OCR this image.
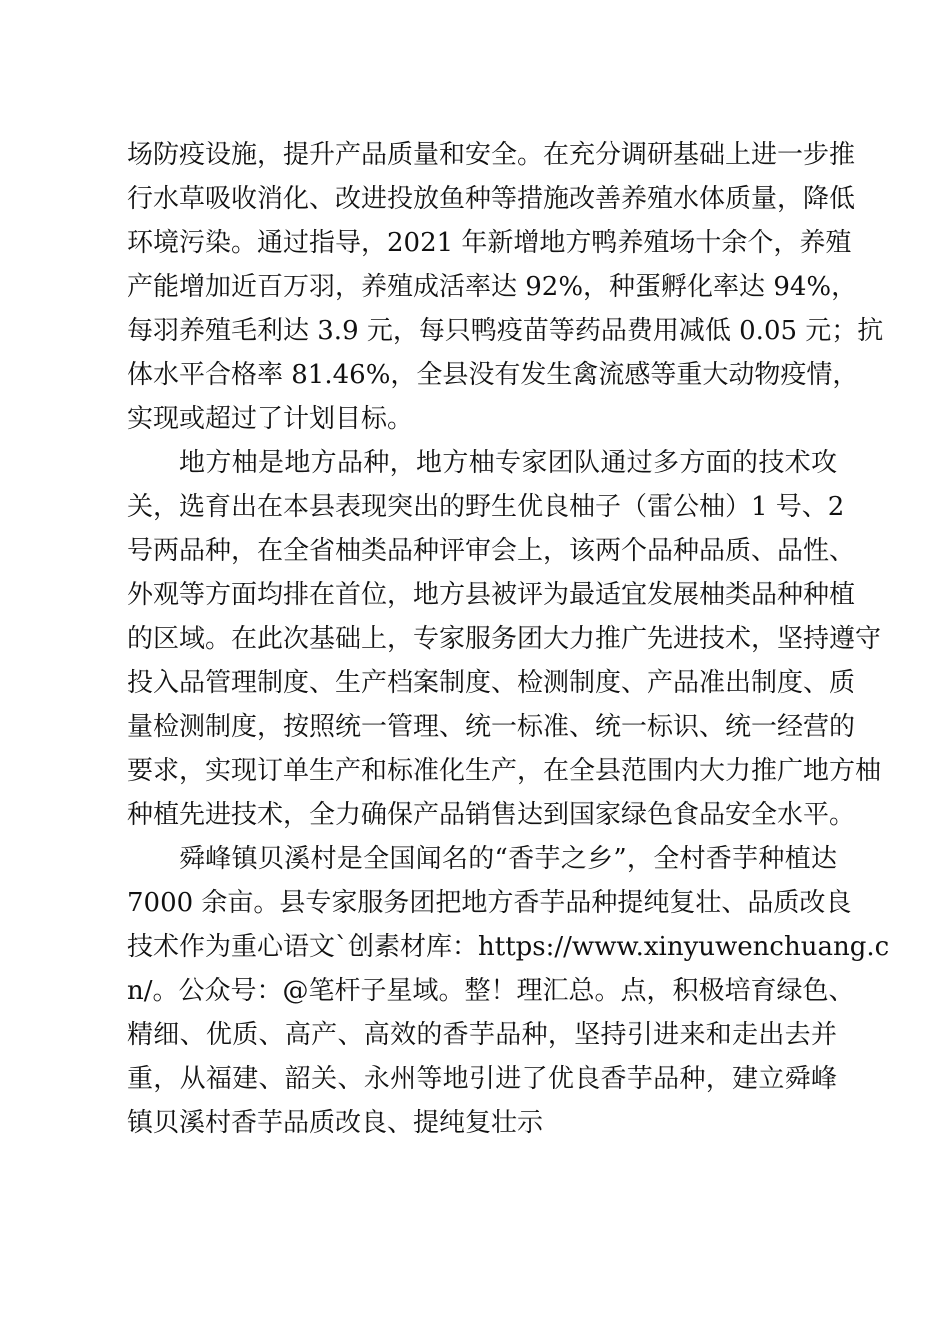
场防疫设施，提升产品质量和安全。在充分调研基础上进一步推
行水草吸收消化、改进投放鱼种等措施改善养殖水体质量，降低
环境污染。通过指导，2021 年新增地方鸭养殖场十余个，养殖
产能增加近百万羽，养殖成活率达 92%，种蛋孵化率达 94%，
每羽养殖毛利达 3.9 元，每只鸭疫苗等药品费用减低 0.05 元；抗
体水平合格率 81.46%，全县没有发生禽流感等重大动物疫情，
实现或超过了计划目标。
地方柚是地方品种，地方柚专家团队通过多方面的技术攻
关，选育出在本县表现突出的野生优良柚子（雷公柚）1 号、2
号两品种，在全省柚类品种评审会上，该两个品种品质、品性、
外观等方面均排在首位，地方县被评为最适宜发展柚类品种种植
的区域。在此次基础上，专家服务团大力推广先进技术，坚持遵守
投入品管理制度、生产档案制度、检测制度、产品准出制度、质
量检测制度，按照统一管理、统一标准、统一标识、统一经营的
要求，实现订单生产和标准化生产，在全县范围内大力推广地方柚
种植先进技术，全力确保产品销售达到国家绿色食品安全水平。
舜峰镇贝溪村是全国闻名的“香芋之乡”，全村香芋种植达
7000 余亩。县专家服务团把地方香芋品种提纯复壮、品质改良
技术作为重心语文`创素材库：https://www.xinyuwenchuang.c
n/。公众号：@笔杆子星域。整！理汇总。点，积极培育绿色、
精细、优质、高产、高效的香芋品种，坚持引进来和走出去并
重，从福建、韶关、永州等地引进了优良香芋品种，建立舜峰
镇贝溪村香芋品质改良、提纯复壮示
